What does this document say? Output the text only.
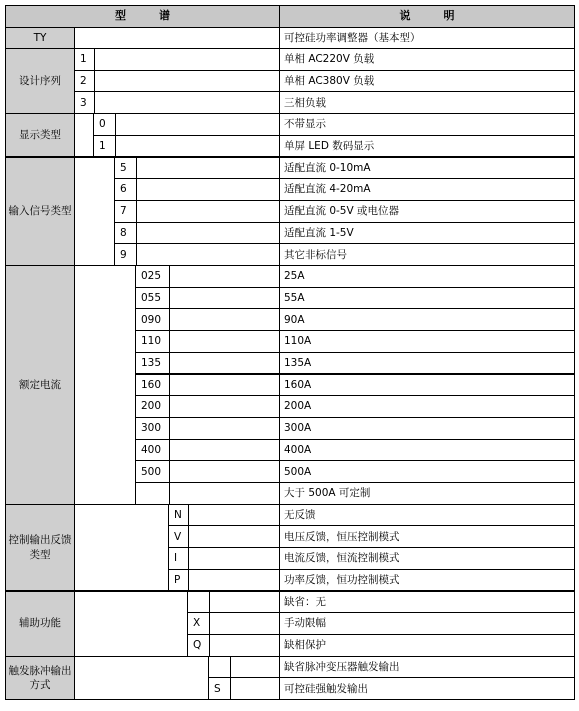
型　　　谱	说　　　明
TY	可控硅功率调整器（基本型）
设计序列
1	单相 AC220V 负载
2	单相 AC380V 负载
3	三相负载
显示类型
0	不带显示
1	单屏 LED 数码显示
输入信号类型
5	适配直流 0-10mA
6	适配直流 4-20mA
7	适配直流 0-5V 或电位器
8	适配直流 1-5V
9	其它非标信号
额定电流
025	25A
055	55A
090	90A
110	110A
135	135A
160	160A
200	200A
300	300A
400	400A
500	500A
大于 500A 可定制
控制输出反馈类型
N	无反馈
V	电压反馈，恒压控制模式
I	电流反馈，恒流控制模式
P	功率反馈，恒功控制模式
辅助功能
缺省：无
X	手动限幅
Q	缺相保护
触发脉冲输出方式
缺省脉冲变压器触发输出
S	可控硅强触发输出
